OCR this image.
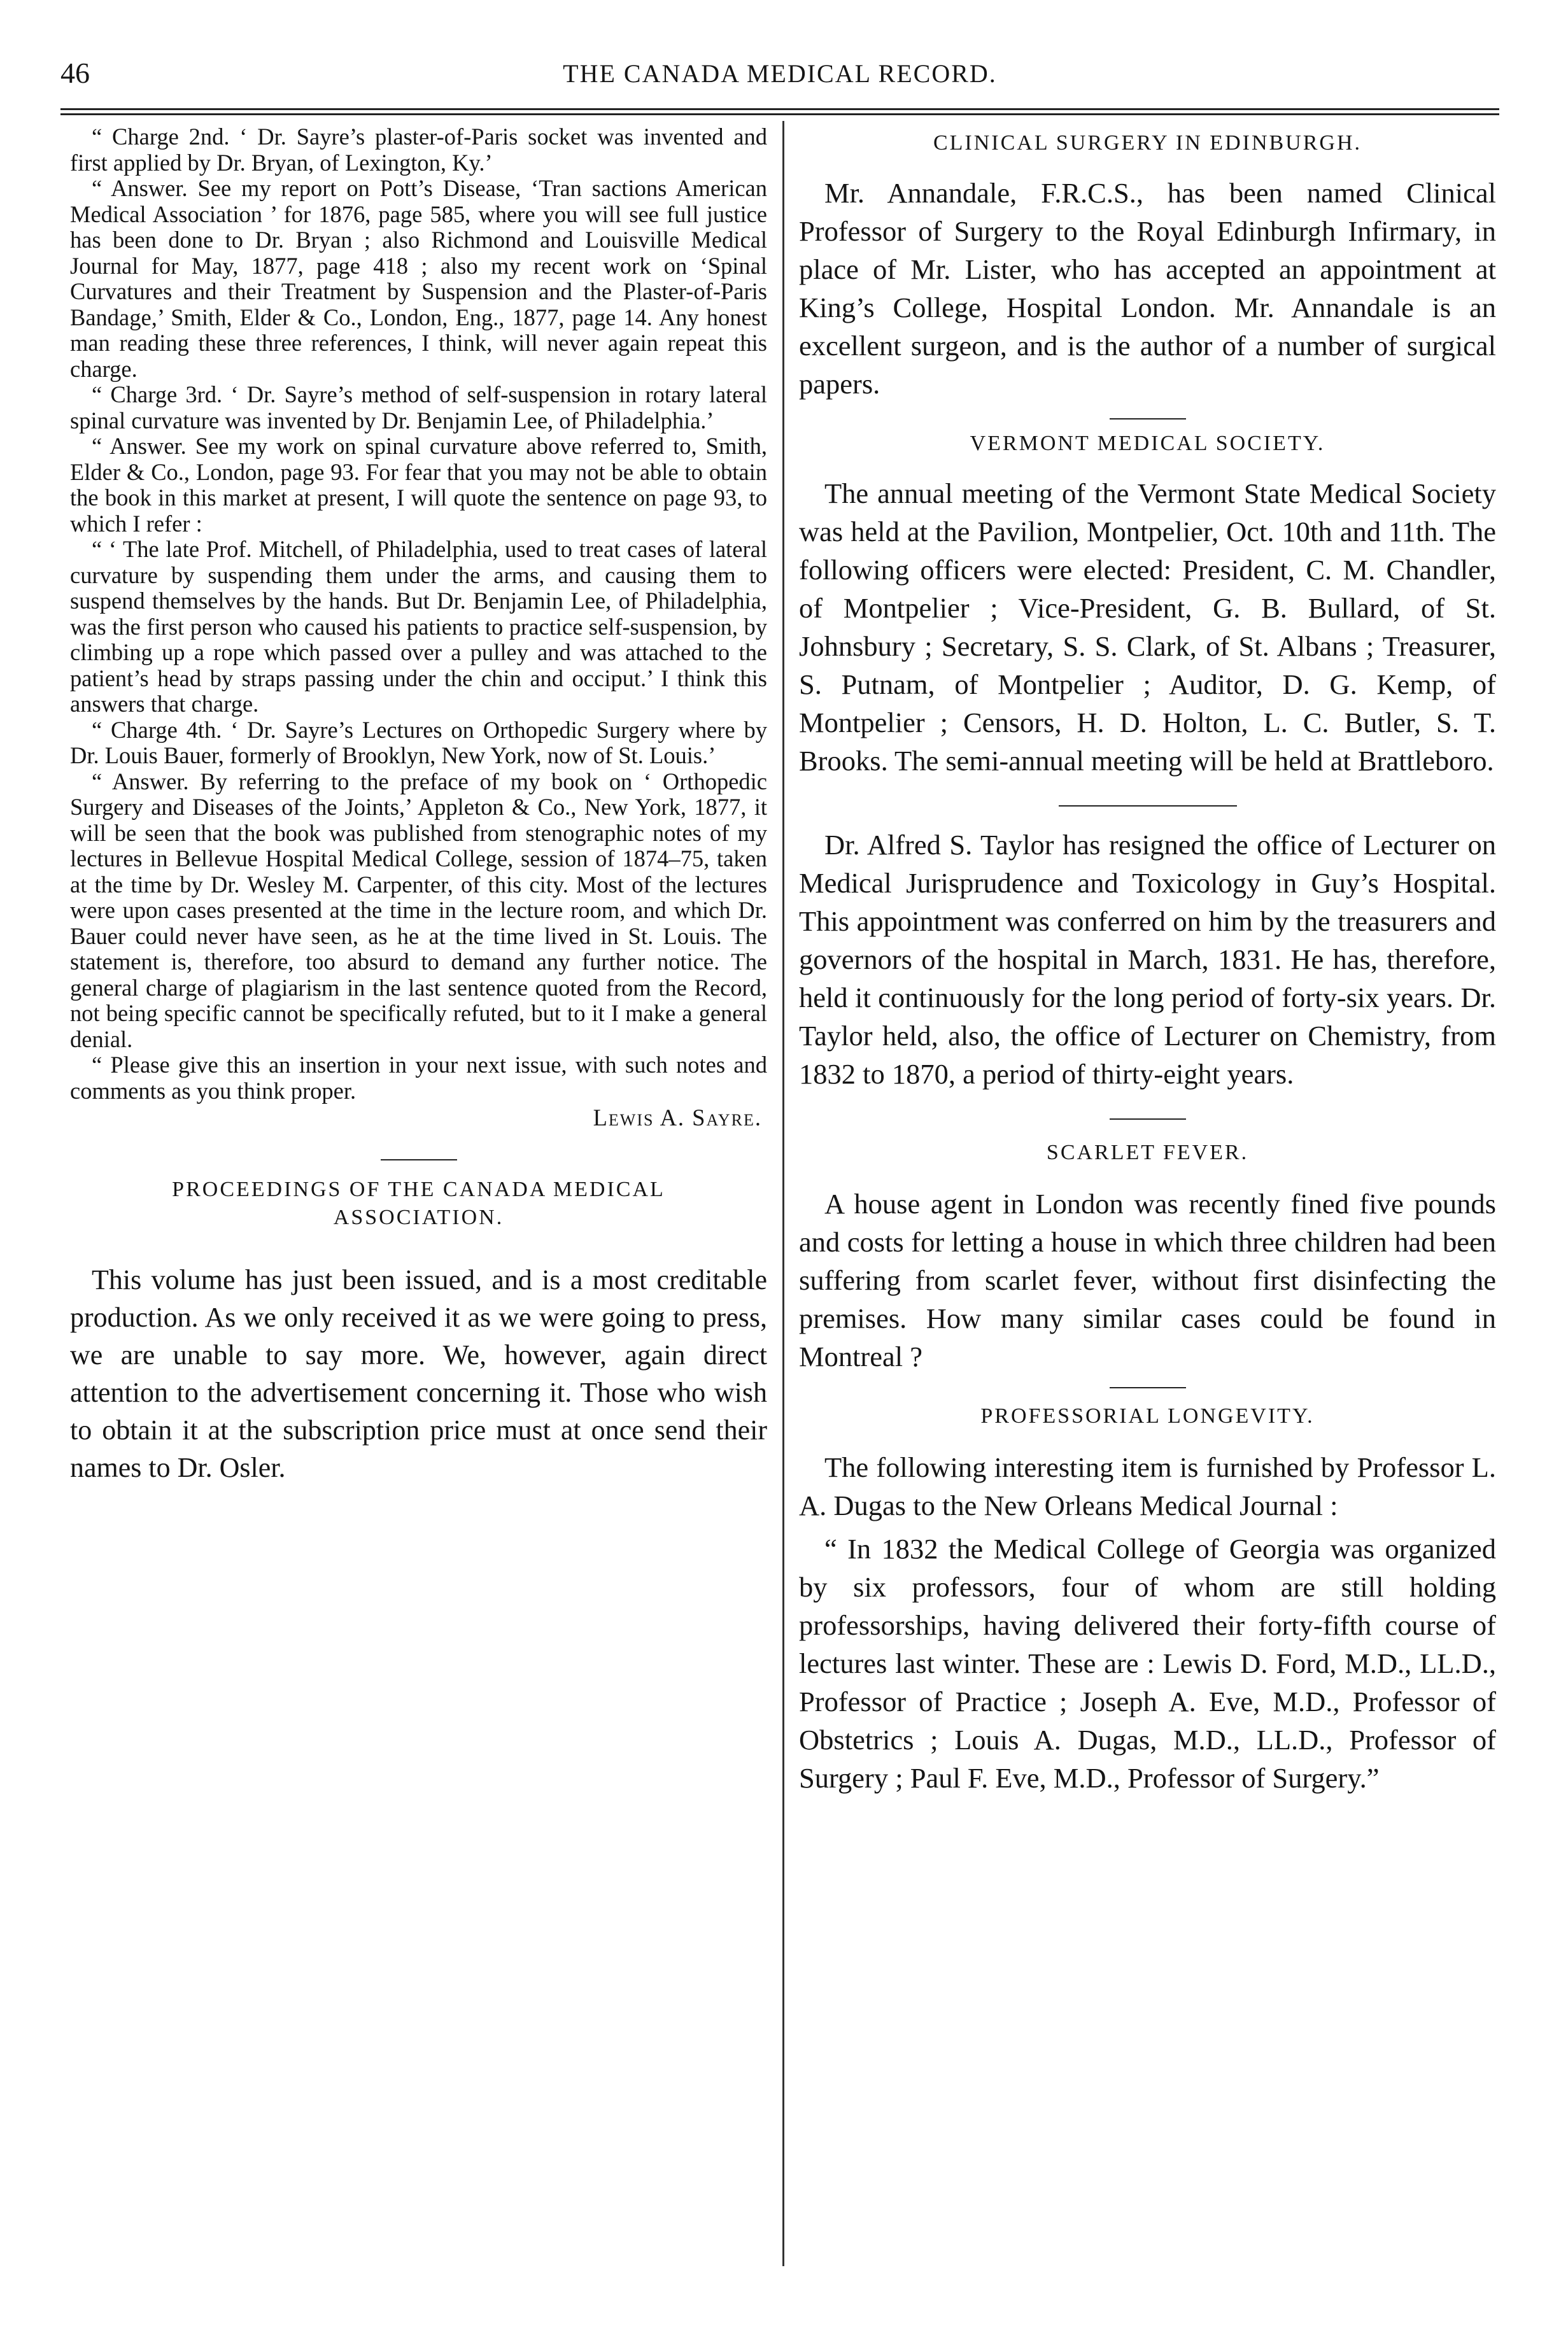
46	THE CANADA MEDICAL RECORD.

“ Charge 2nd. ‘ Dr. Sayre’s plaster-of-Paris socket was invented and first applied by Dr. Bryan, of Lexington, Ky.’

“ Answer. See my report on Pott’s Disease, ‘Tran sactions American Medical Association ’ for 1876, page 585, where you will see full justice has been done to Dr. Bryan ; also Richmond and Louisville Medical Journal for May, 1877, page 418 ; also my recent work on ‘Spinal Curvatures and their Treatment by Suspension and the Plaster-of-Paris Bandage,’ Smith, Elder & Co., London, Eng., 1877, page 14. Any honest man reading these three references, I think, will never again repeat this charge.

“ Charge 3rd. ‘ Dr. Sayre’s method of self-suspension in rotary lateral spinal curvature was invented by Dr. Benjamin Lee, of Philadelphia.’

“ Answer. See my work on spinal curvature above referred to, Smith, Elder & Co., London, page 93. For fear that you may not be able to obtain the book in this market at present, I will quote the sentence on page 93, to which I refer :

“ ‘ The late Prof. Mitchell, of Philadelphia, used to treat cases of lateral curvature by suspending them under the arms, and causing them to suspend themselves by the hands. But Dr. Benjamin Lee, of Philadelphia, was the first person who caused his patients to practice self-suspension, by climbing up a rope which passed over a pulley and was attached to the patient’s head by straps passing under the chin and occiput.’ I think this answers that charge.

“ Charge 4th. ‘ Dr. Sayre’s Lectures on Orthopedic Surgery where by Dr. Louis Bauer, formerly of Brooklyn, New York, now of St. Louis.’

“ Answer. By referring to the preface of my book on ‘ Orthopedic Surgery and Diseases of the Joints,’ Appleton & Co., New York, 1877, it will be seen that the book was published from stenographic notes of my lectures in Bellevue Hospital Medical College, session of 1874–75, taken at the time by Dr. Wesley M. Carpenter, of this city. Most of the lectures were upon cases presented at the time in the lecture room, and which Dr. Bauer could never have seen, as he at the time lived in St. Louis. The statement is, therefore, too absurd to demand any further notice. The general charge of plagiarism in the last sentence quoted from the Record, not being specific cannot be specifically refuted, but to it I make a general denial.

“ Please give this an insertion in your next issue, with such notes and comments as you think proper.

Lewis A. Sayre.
PROCEEDINGS OF THE CANADA MEDICAL ASSOCIATION.

This volume has just been issued, and is a most creditable production. As we only received it as we were going to press, we are unable to say more. We, however, again direct attention to the advertisement concerning it. Those who wish to obtain it at the subscription price must at once send their names to Dr. Osler.

CLINICAL SURGERY IN EDINBURGH.

Mr. Annandale, F.R.C.S., has been named Clinical Professor of Surgery to the Royal Edinburgh Infirmary, in place of Mr. Lister, who has accepted an appointment at King’s College, Hospital London. Mr. Annandale is an excellent surgeon, and is the author of a number of surgical papers.

VERMONT MEDICAL SOCIETY.

The annual meeting of the Vermont State Medical Society was held at the Pavilion, Montpelier, Oct. 10th and 11th. The following officers were elected: President, C. M. Chandler, of Montpelier ; Vice-President, G. B. Bullard, of St. Johnsbury ; Secretary, S. S. Clark, of St. Albans ; Treasurer, S. Putnam, of Montpelier ; Auditor, D. G. Kemp, of Montpelier ; Censors, H. D. Holton, L. C. Butler, S. T. Brooks. The semi-annual meeting will be held at Brattleboro.

Dr. Alfred S. Taylor has resigned the office of Lecturer on Medical Jurisprudence and Toxicology in Guy’s Hospital. This appointment was conferred on him by the treasurers and governors of the hospital in March, 1831. He has, therefore, held it continuously for the long period of forty-six years. Dr. Taylor held, also, the office of Lecturer on Chemistry, from 1832 to 1870, a period of thirty-eight years.

SCARLET FEVER.

A house agent in London was recently fined five pounds and costs for letting a house in which three children had been suffering from scarlet fever, without first disinfecting the premises. How many similar cases could be found in Montreal ?

PROFESSORIAL LONGEVITY.

The following interesting item is furnished by Professor L. A. Dugas to the New Orleans Medical Journal :

“ In 1832 the Medical College of Georgia was organized by six professors, four of whom are still holding professorships, having delivered their forty-fifth course of lectures last winter. These are : Lewis D. Ford, M.D., LL.D., Professor of Practice ; Joseph A. Eve, M.D., Professor of Obstetrics ; Louis A. Dugas, M.D., LL.D., Professor of Surgery ; Paul F. Eve, M.D., Professor of Surgery.”
